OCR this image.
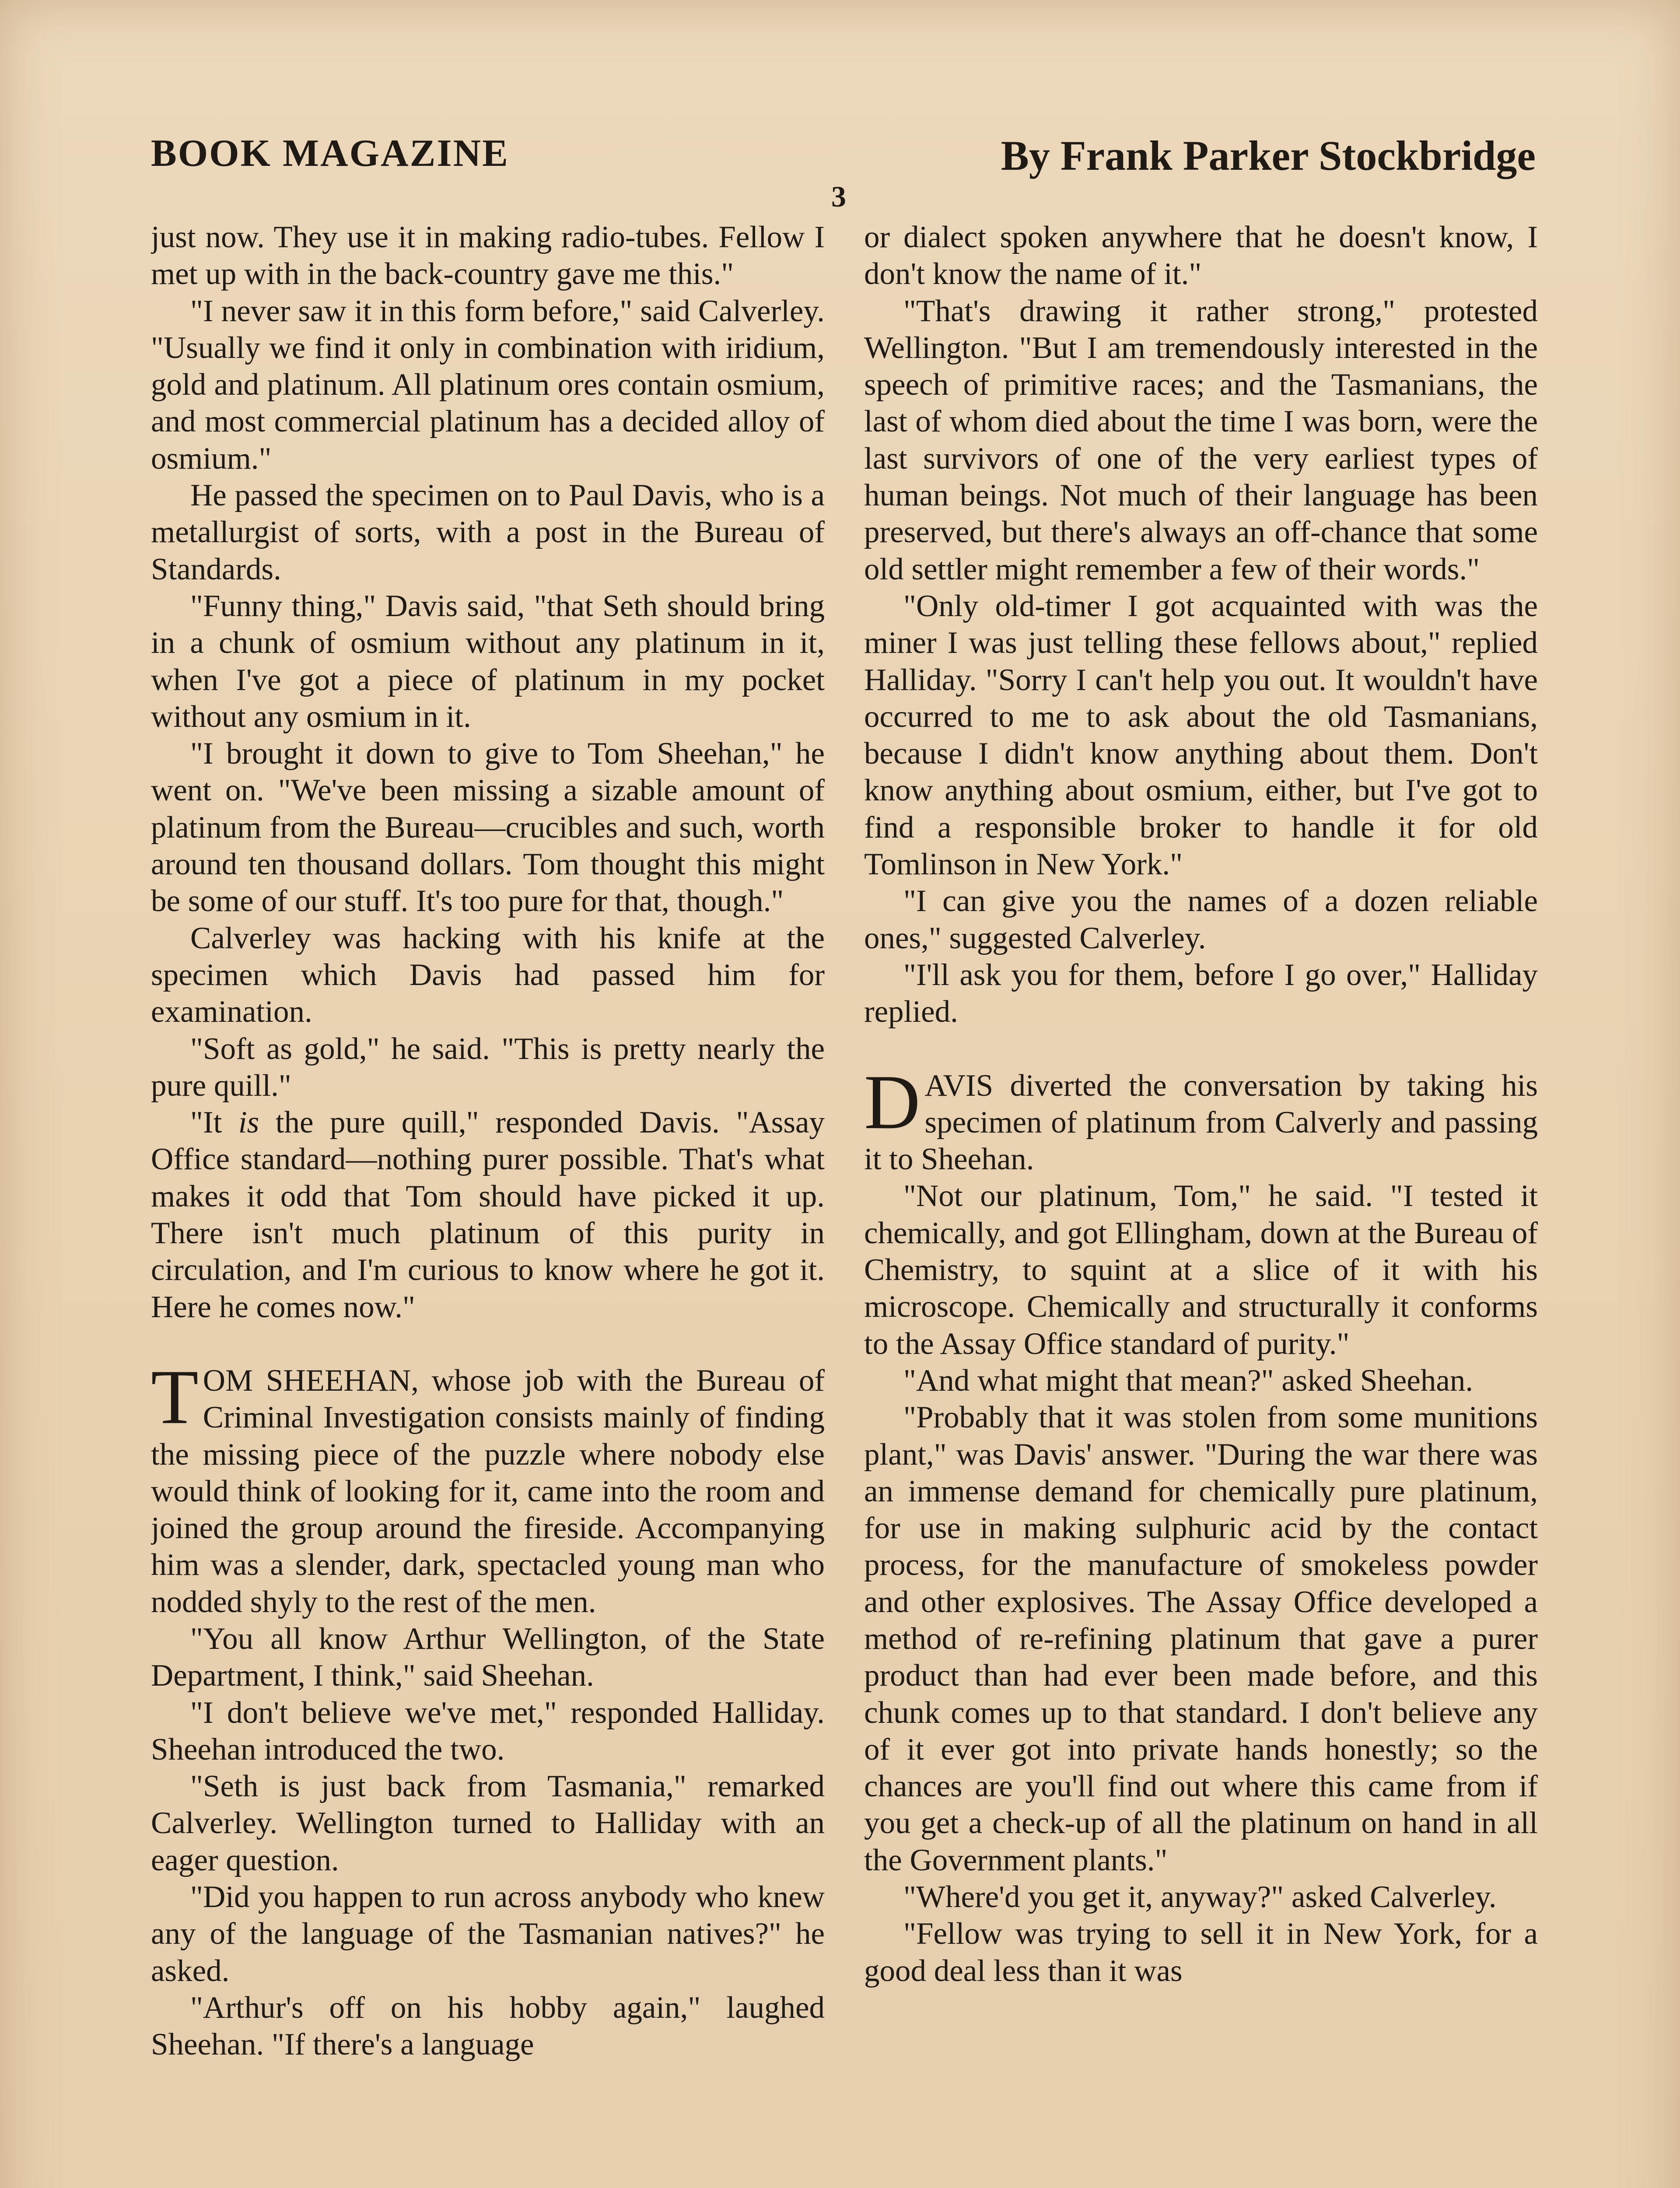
BOOK MAGAZINE	By Frank Parker Stockbridge
3

just now. They use it in making radio-tubes. Fellow I met up with in the back-country gave me this."

"I never saw it in this form before," said Calverley. "Usually we find it only in combination with iridium, gold and platinum. All platinum ores contain osmium, and most commercial platinum has a decided alloy of osmium."

He passed the specimen on to Paul Davis, who is a metallurgist of sorts, with a post in the Bureau of Standards.

"Funny thing," Davis said, "that Seth should bring in a chunk of osmium without any platinum in it, when I've got a piece of platinum in my pocket without any osmium in it.

"I brought it down to give to Tom Sheehan," he went on. "We've been missing a sizable amount of platinum from the Bureau—crucibles and such, worth around ten thousand dollars. Tom thought this might be some of our stuff. It's too pure for that, though."

Calverley was hacking with his knife at the specimen which Davis had passed him for examination.

"Soft as gold," he said. "This is pretty nearly the pure quill."

"It is the pure quill," responded Davis. "Assay Office standard—nothing purer possible. That's what makes it odd that Tom should have picked it up. There isn't much platinum of this purity in circulation, and I'm curious to know where he got it. Here he comes now."

TOM SHEEHAN, whose job with the Bureau of Criminal Investigation consists mainly of finding the missing piece of the puzzle where nobody else would think of looking for it, came into the room and joined the group around the fireside. Accompanying him was a slender, dark, spectacled young man who nodded shyly to the rest of the men.

"You all know Arthur Wellington, of the State Department, I think," said Sheehan.

"I don't believe we've met," responded Halliday. Sheehan introduced the two.

"Seth is just back from Tasmania," remarked Calverley. Wellington turned to Halliday with an eager question.

"Did you happen to run across anybody who knew any of the language of the Tasmanian natives?" he asked.

"Arthur's off on his hobby again," laughed Sheehan. "If there's a language

or dialect spoken anywhere that he doesn't know, I don't know the name of it."

"That's drawing it rather strong," protested Wellington. "But I am tremendously interested in the speech of primitive races; and the Tasmanians, the last of whom died about the time I was born, were the last survivors of one of the very earliest types of human beings. Not much of their language has been preserved, but there's always an off-chance that some old settler might remember a few of their words."

"Only old-timer I got acquainted with was the miner I was just telling these fellows about," replied Halliday. "Sorry I can't help you out. It wouldn't have occurred to me to ask about the old Tasmanians, because I didn't know anything about them. Don't know anything about osmium, either, but I've got to find a responsible broker to handle it for old Tomlinson in New York."

"I can give you the names of a dozen reliable ones," suggested Calverley.

"I'll ask you for them, before I go over," Halliday replied.

DAVIS diverted the conversation by taking his specimen of platinum from Calverly and passing it to Sheehan.

"Not our platinum, Tom," he said. "I tested it chemically, and got Ellingham, down at the Bureau of Chemistry, to squint at a slice of it with his microscope. Chemically and structurally it conforms to the Assay Office standard of purity."

"And what might that mean?" asked Sheehan.

"Probably that it was stolen from some munitions plant," was Davis' answer. "During the war there was an immense demand for chemically pure platinum, for use in making sulphuric acid by the contact process, for the manufacture of smokeless powder and other explosives. The Assay Office developed a method of re-refining platinum that gave a purer product than had ever been made before, and this chunk comes up to that standard. I don't believe any of it ever got into private hands honestly; so the chances are you'll find out where this came from if you get a check-up of all the platinum on hand in all the Government plants."

"Where'd you get it, anyway?" asked Calverley.

"Fellow was trying to sell it in New York, for a good deal less than it was
